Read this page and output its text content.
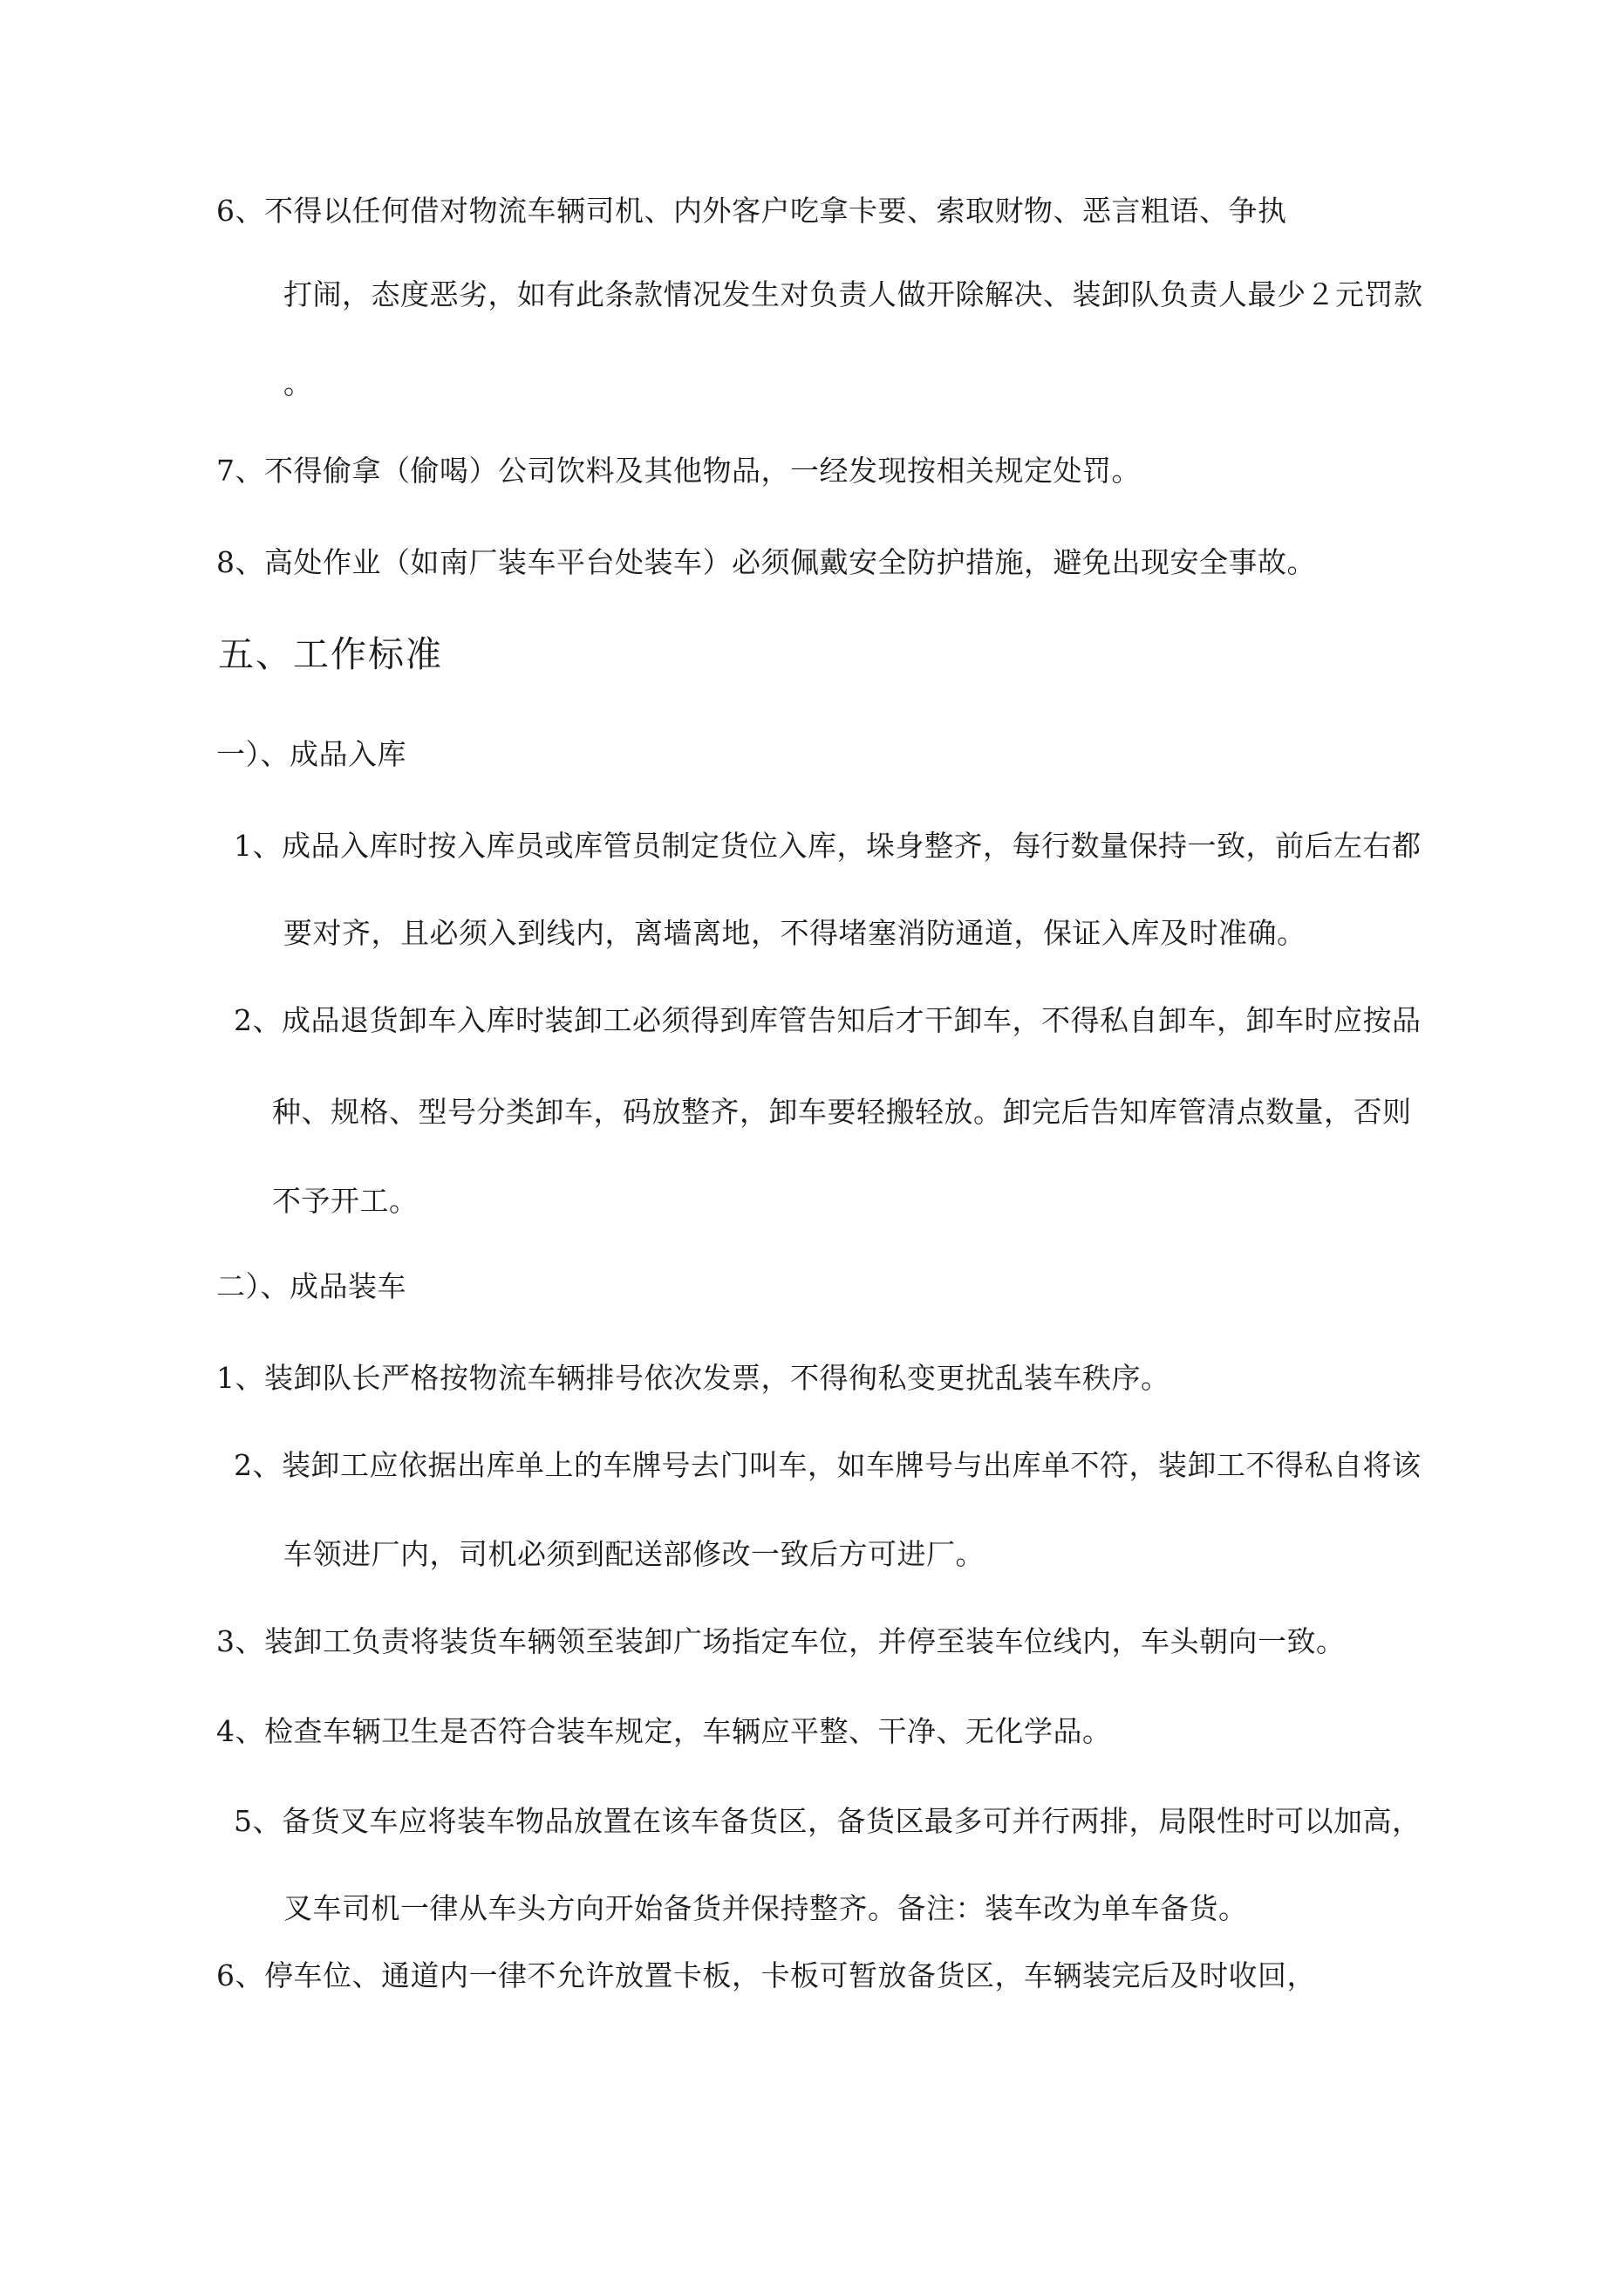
6、不得以任何借对物流车辆司机、内外客户吃拿卡要、索取财物、恶言粗语、争执
打闹，态度恶劣，如有此条款情况发生对负责人做开除解决、装卸队负责人最少２元罚款
。
7、不得偷拿（偷喝）公司饮料及其他物品，一经发现按相关规定处罚。
8、高处作业（如南厂装车平台处装车）必须佩戴安全防护措施，避免出现安全事故。
五、工作标准
一）、成品入库
1、成品入库时按入库员或库管员制定货位入库，垛身整齐，每行数量保持一致，前后左右都
要对齐，且必须入到线内，离墙离地，不得堵塞消防通道，保证入库及时准确。
2、成品退货卸车入库时装卸工必须得到库管告知后才干卸车，不得私自卸车，卸车时应按品
种、规格、型号分类卸车，码放整齐，卸车要轻搬轻放。卸完后告知库管清点数量，否则
不予开工。
二）、成品装车
1、装卸队长严格按物流车辆排号依次发票，不得徇私变更扰乱装车秩序。
2、装卸工应依据出库单上的车牌号去门叫车，如车牌号与出库单不符，装卸工不得私自将该
车领进厂内，司机必须到配送部修改一致后方可进厂。
3、装卸工负责将装货车辆领至装卸广场指定车位，并停至装车位线内，车头朝向一致。
4、检查车辆卫生是否符合装车规定，车辆应平整、干净、无化学品。
5、备货叉车应将装车物品放置在该车备货区，备货区最多可并行两排，局限性时可以加高，
叉车司机一律从车头方向开始备货并保持整齐。备注：装车改为单车备货。
6、停车位、通道内一律不允许放置卡板，卡板可暂放备货区，车辆装完后及时收回，
